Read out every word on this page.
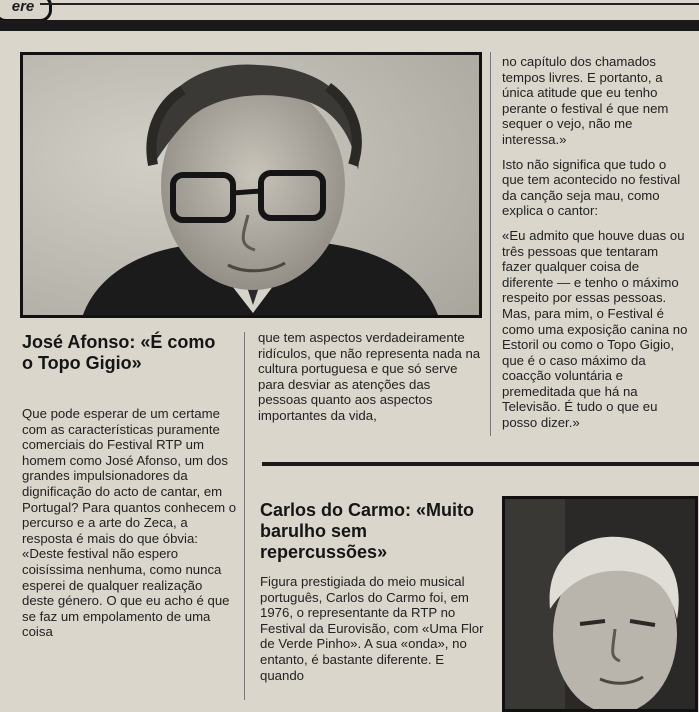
ere
José Afonso: «É como o Topo Gigio»
Que pode esperar de um certame com as características puramente comerciais do Festival RTP um homem como José Afonso, um dos grandes impulsionadores da dignificação do acto de cantar, em Portugal? Para quantos conhecem o percurso e a arte do Zeca, a resposta é mais do que óbvia: «Deste festival não espero coisíssima nenhuma, como nunca esperei de qualquer realização deste género. O que eu acho é que se faz um empolamento de uma coisa
que tem aspectos verdadeiramente ridículos, que não representa nada na cultura portuguesa e que só serve para desviar as atenções das pessoas quanto aos aspectos importantes da vida,

no capítulo dos chamados tempos livres. E portanto, a única atitude que eu tenho perante o festival é que nem sequer o vejo, não me interessa.»

Isto não significa que tudo o que tem acontecido no festival da canção seja mau, como explica o cantor:

«Eu admito que houve duas ou três pessoas que tentaram fazer qualquer coisa de diferente — e tenho o máximo respeito por essas pessoas. Mas, para mim, o Festival é como uma exposição canina no Estoril ou como o Topo Gigio, que é o caso máximo da coacção voluntária e premeditada que há na Televisão. É tudo o que eu posso dizer.»

Carlos do Carmo: «Muito barulho sem repercussões»
Figura prestigiada do meio musical português, Carlos do Carmo foi, em 1976, o representante da RTP no Festival da Eurovisão, com «Uma Flor de Verde Pinho». A sua «onda», no entanto, é bastante diferente. E quando
